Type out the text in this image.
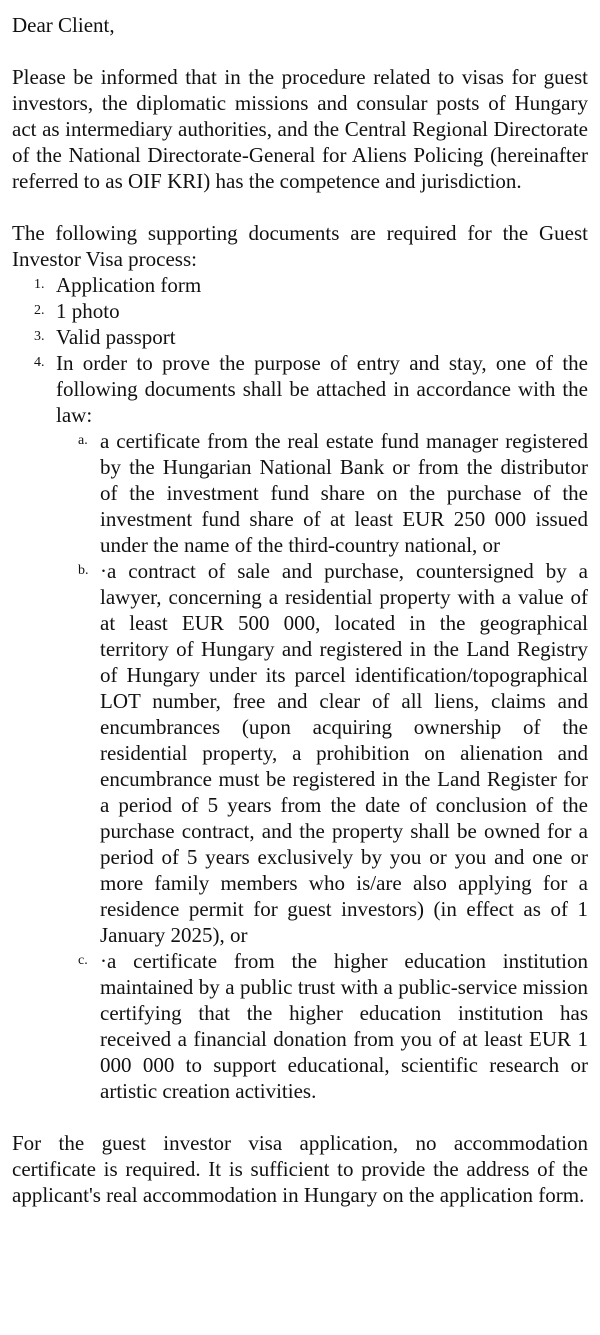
Dear Client,

Please be informed that in the procedure related to visas for guest investors, the diplomatic missions and consular posts of Hungary act as intermediary authorities, and the Central Regional Directorate of the National Directorate-General for Aliens Policing (hereinafter referred to as OIF KRI) has the competence and jurisdiction.

The following supporting documents are required for the Guest Investor Visa process:

1. Application form
2. 1 photo
3. Valid passport
4. In order to prove the purpose of entry and stay, one of the following documents shall be attached in accordance with the law:
a. a certificate from the real estate fund manager registered by the Hungarian National Bank or from the distributor of the investment fund share on the purchase of the investment fund share of at least EUR 250 000 issued under the name of the third-country national, or
b. ·a contract of sale and purchase, countersigned by a lawyer, concerning a residential property with a value of at least EUR 500 000, located in the geographical territory of Hungary and registered in the Land Registry of Hungary under its parcel identification/topographical LOT number, free and clear of all liens, claims and encumbrances (upon acquiring ownership of the residential property, a prohibition on alienation and encumbrance must be registered in the Land Register for a period of 5 years from the date of conclusion of the purchase contract, and the property shall be owned for a period of 5 years exclusively by you or you and one or more family members who is/are also applying for a residence permit for guest investors) (in effect as of 1 January 2025), or
c. ·a certificate from the higher education institution maintained by a public trust with a public-service mission certifying that the higher education institution has received a financial donation from you of at least EUR 1 000 000 to support educational, scientific research or artistic creation activities.

For the guest investor visa application, no accommodation certificate is required. It is sufficient to provide the address of the applicant's real accommodation in Hungary on the application form.
